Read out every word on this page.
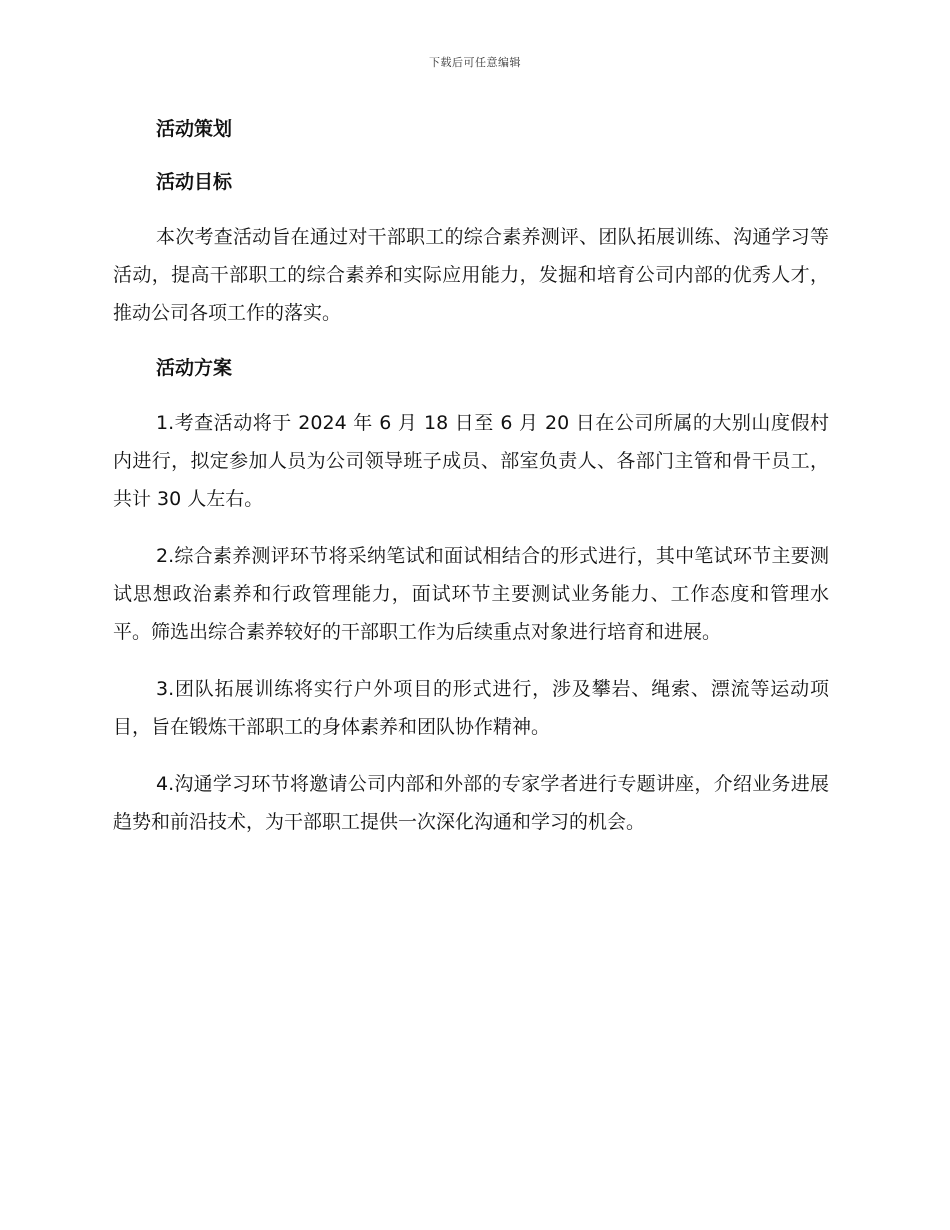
下载后可任意编辑
活动策划
活动目标

本次考查活动旨在通过对干部职工的综合素养测评、团队拓展训练、沟通学习等活动，提高干部职工的综合素养和实际应用能力，发掘和培育公司内部的优秀人才，推动公司各项工作的落实。

活动方案

1.考查活动将于 2024 年 6 月 18 日至 6 月 20 日在公司所属的大别山度假村内进行，拟定参加人员为公司领导班子成员、部室负责人、各部门主管和骨干员工，共计 30 人左右。

2.综合素养测评环节将采纳笔试和面试相结合的形式进行，其中笔试环节主要测试思想政治素养和行政管理能力，面试环节主要测试业务能力、工作态度和管理水平。筛选出综合素养较好的干部职工作为后续重点对象进行培育和进展。

3.团队拓展训练将实行户外项目的形式进行，涉及攀岩、绳索、漂流等运动项目，旨在锻炼干部职工的身体素养和团队协作精神。

4.沟通学习环节将邀请公司内部和外部的专家学者进行专题讲座，介绍业务进展趋势和前沿技术，为干部职工提供一次深化沟通和学习的机会。
